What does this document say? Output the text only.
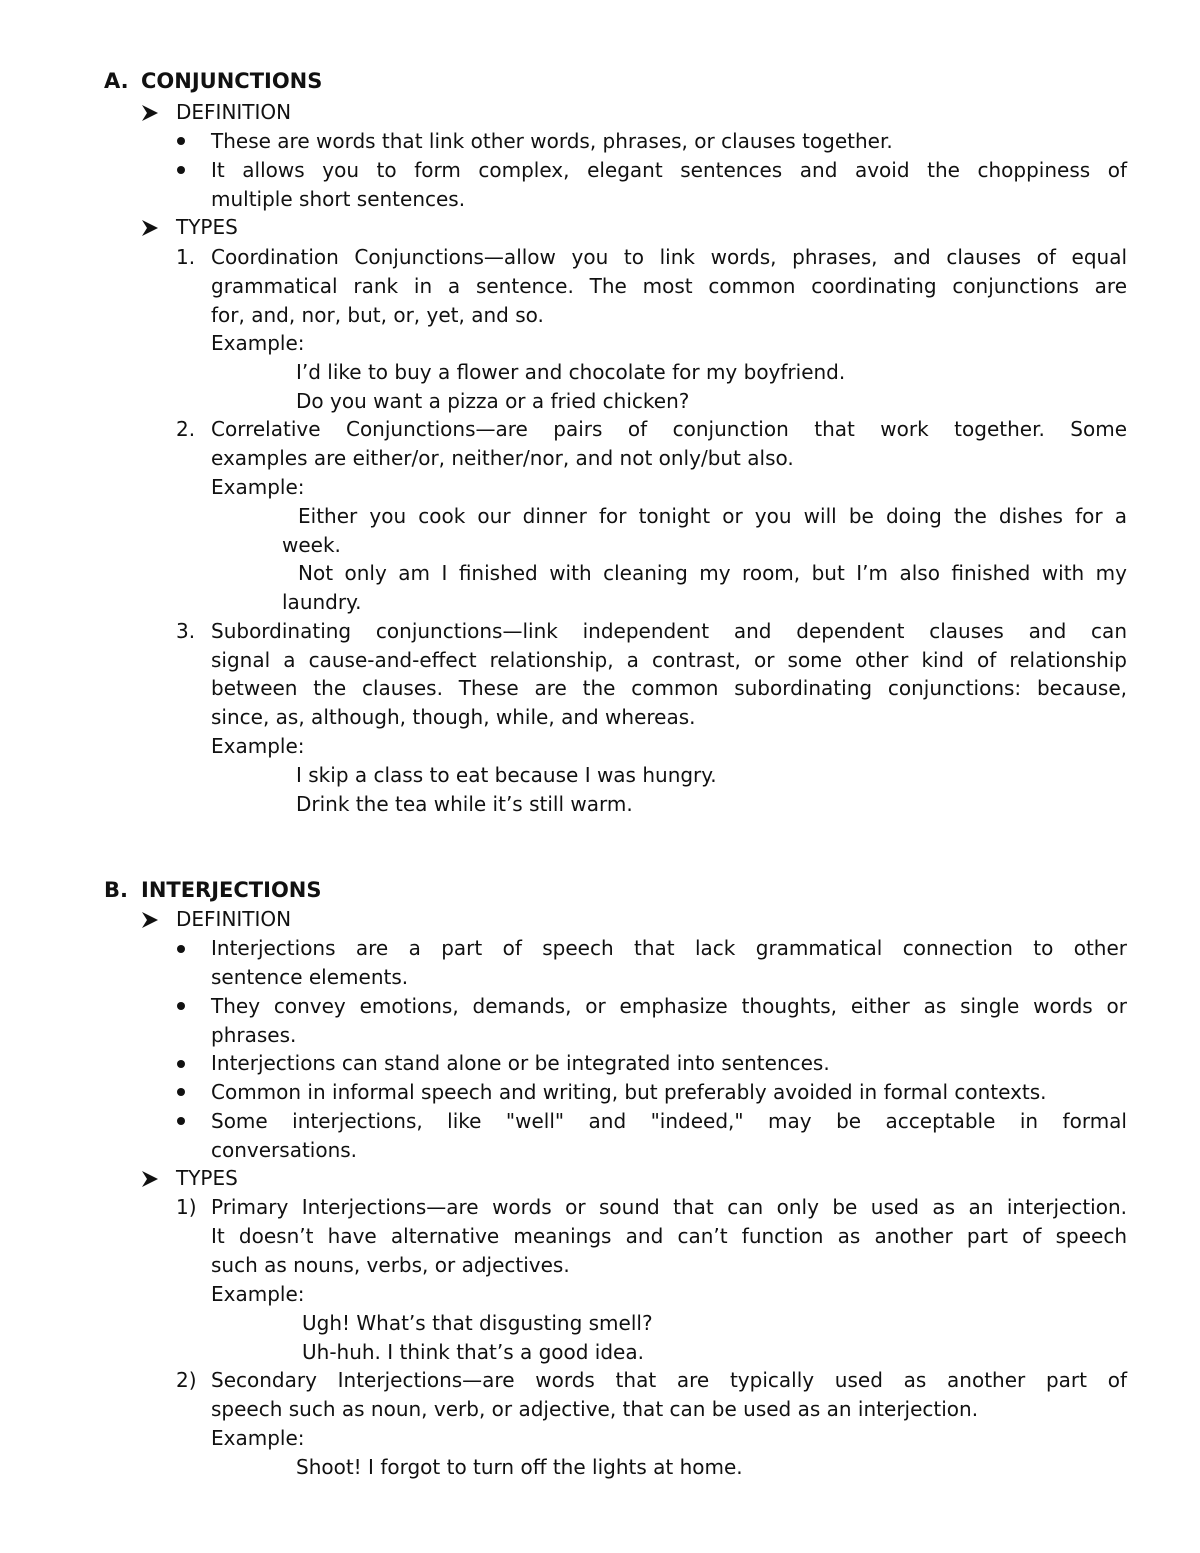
A. CONJUNCTIONS
DEFINITION
These are words that link other words, phrases, or clauses together.
It allows you to form complex, elegant sentences and avoid the choppiness of
multiple short sentences.
TYPES
1. Coordination Conjunctions—allow you to link words, phrases, and clauses of equal
grammatical rank in a sentence. The most common coordinating conjunctions are
for, and, nor, but, or, yet, and so.
Example:
I’d like to buy a flower and chocolate for my boyfriend.
Do you want a pizza or a fried chicken?
2. Correlative Conjunctions—are pairs of conjunction that work together. Some
examples are either/or, neither/nor, and not only/but also.
Example:
Either you cook our dinner for tonight or you will be doing the dishes for a
week.
Not only am I finished with cleaning my room, but I’m also finished with my
laundry.
3. Subordinating conjunctions—link independent and dependent clauses and can
signal a cause-and-effect relationship, a contrast, or some other kind of relationship
between the clauses. These are the common subordinating conjunctions: because,
since, as, although, though, while, and whereas.
Example:
I skip a class to eat because I was hungry.
Drink the tea while it’s still warm.
B. INTERJECTIONS
DEFINITION
Interjections are a part of speech that lack grammatical connection to other
sentence elements.
They convey emotions, demands, or emphasize thoughts, either as single words or
phrases.
Interjections can stand alone or be integrated into sentences.
Common in informal speech and writing, but preferably avoided in formal contexts.
Some interjections, like "well" and "indeed," may be acceptable in formal
conversations.
TYPES
1) Primary Interjections—are words or sound that can only be used as an interjection.
It doesn’t have alternative meanings and can’t function as another part of speech
such as nouns, verbs, or adjectives.
Example:
Ugh! What’s that disgusting smell?
Uh-huh. I think that’s a good idea.
2) Secondary Interjections—are words that are typically used as another part of
speech such as noun, verb, or adjective, that can be used as an interjection.
Example:
Shoot! I forgot to turn off the lights at home.
